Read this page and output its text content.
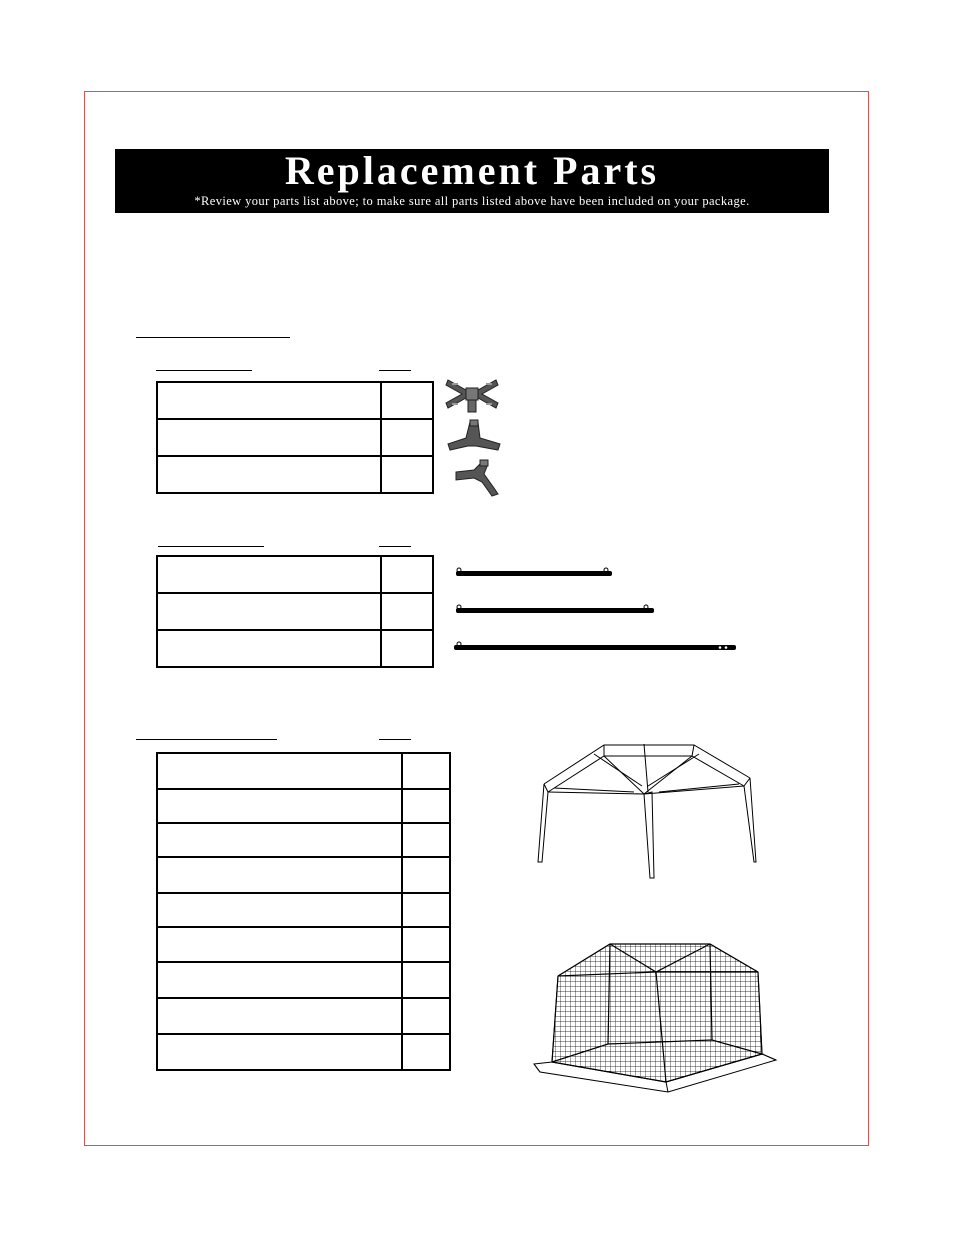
Replacement Parts
*Review your parts list above; to make sure all parts listed above have been included on your package.
